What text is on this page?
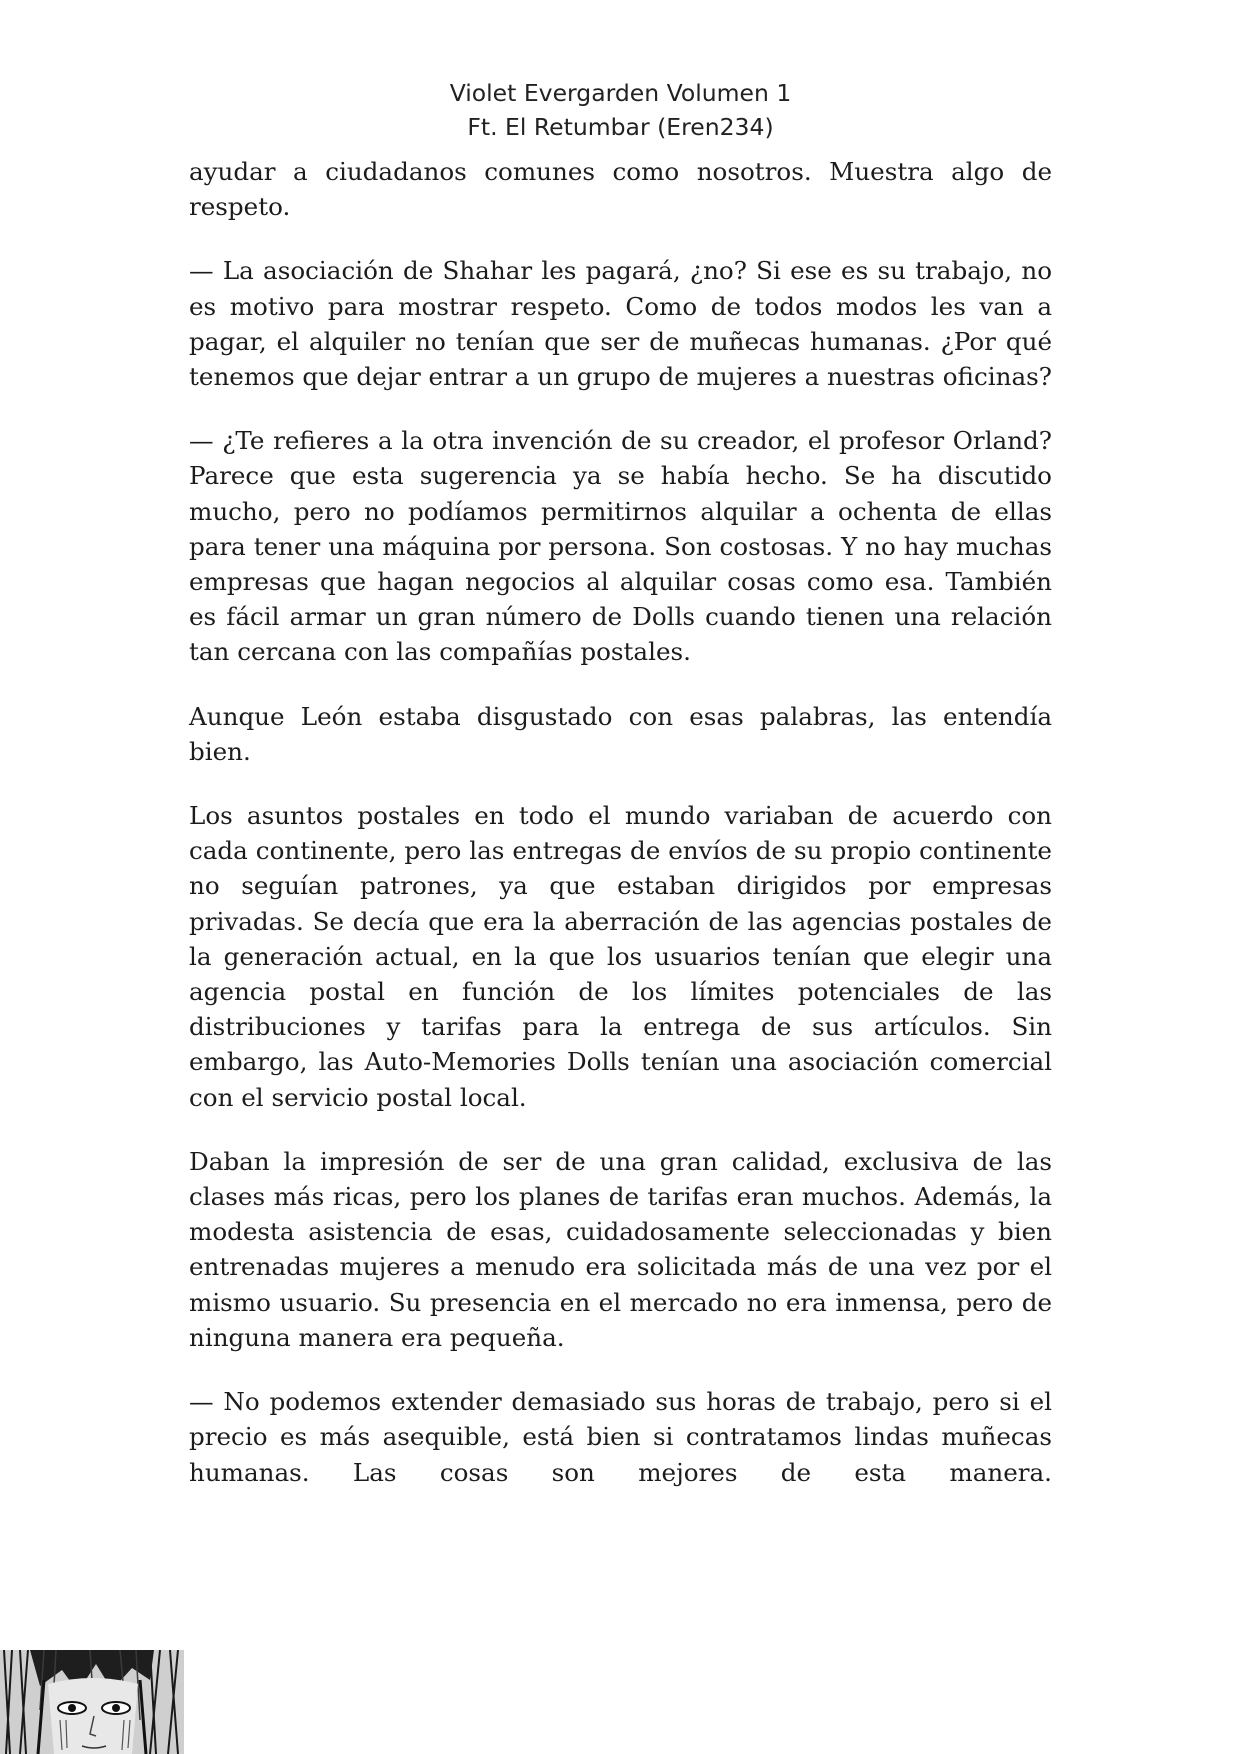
Violet Evergarden Volumen 1
Ft. El Retumbar (Eren234)

ayudar a ciudadanos comunes como nosotros. Muestra algo de respeto.

— La asociación de Shahar les pagará, ¿no? Si ese es su trabajo, no es motivo para mostrar respeto. Como de todos modos les van a pagar, el alquiler no tenían que ser de muñecas humanas. ¿Por qué tenemos que dejar entrar a un grupo de mujeres a nuestras oficinas?

— ¿Te refieres a la otra invención de su creador, el profesor Orland? Parece que esta sugerencia ya se había hecho. Se ha discutido mucho, pero no podíamos permitirnos alquilar a ochenta de ellas para tener una máquina por persona. Son costosas. Y no hay muchas empresas que hagan negocios al alquilar cosas como esa. También es fácil armar un gran número de Dolls cuando tienen una relación tan cercana con las compañías postales.

Aunque León estaba disgustado con esas palabras, las entendía bien.

Los asuntos postales en todo el mundo variaban de acuerdo con cada continente, pero las entregas de envíos de su propio continente no seguían patrones, ya que estaban dirigidos por empresas privadas. Se decía que era la aberración de las agencias postales de la generación actual, en la que los usuarios tenían que elegir una agencia postal en función de los límites potenciales de las distribuciones y tarifas para la entrega de sus artículos. Sin embargo, las Auto-Memories Dolls tenían una asociación comercial con el servicio postal local.

Daban la impresión de ser de una gran calidad, exclusiva de las clases más ricas, pero los planes de tarifas eran muchos. Además, la modesta asistencia de esas, cuidadosamente seleccionadas y bien entrenadas mujeres a menudo era solicitada más de una vez por el mismo usuario. Su presencia en el mercado no era inmensa, pero de ninguna manera era pequeña.

— No podemos extender demasiado sus horas de trabajo, pero si el precio es más asequible, está bien si contratamos lindas muñecas humanas. Las cosas son mejores de esta manera.
